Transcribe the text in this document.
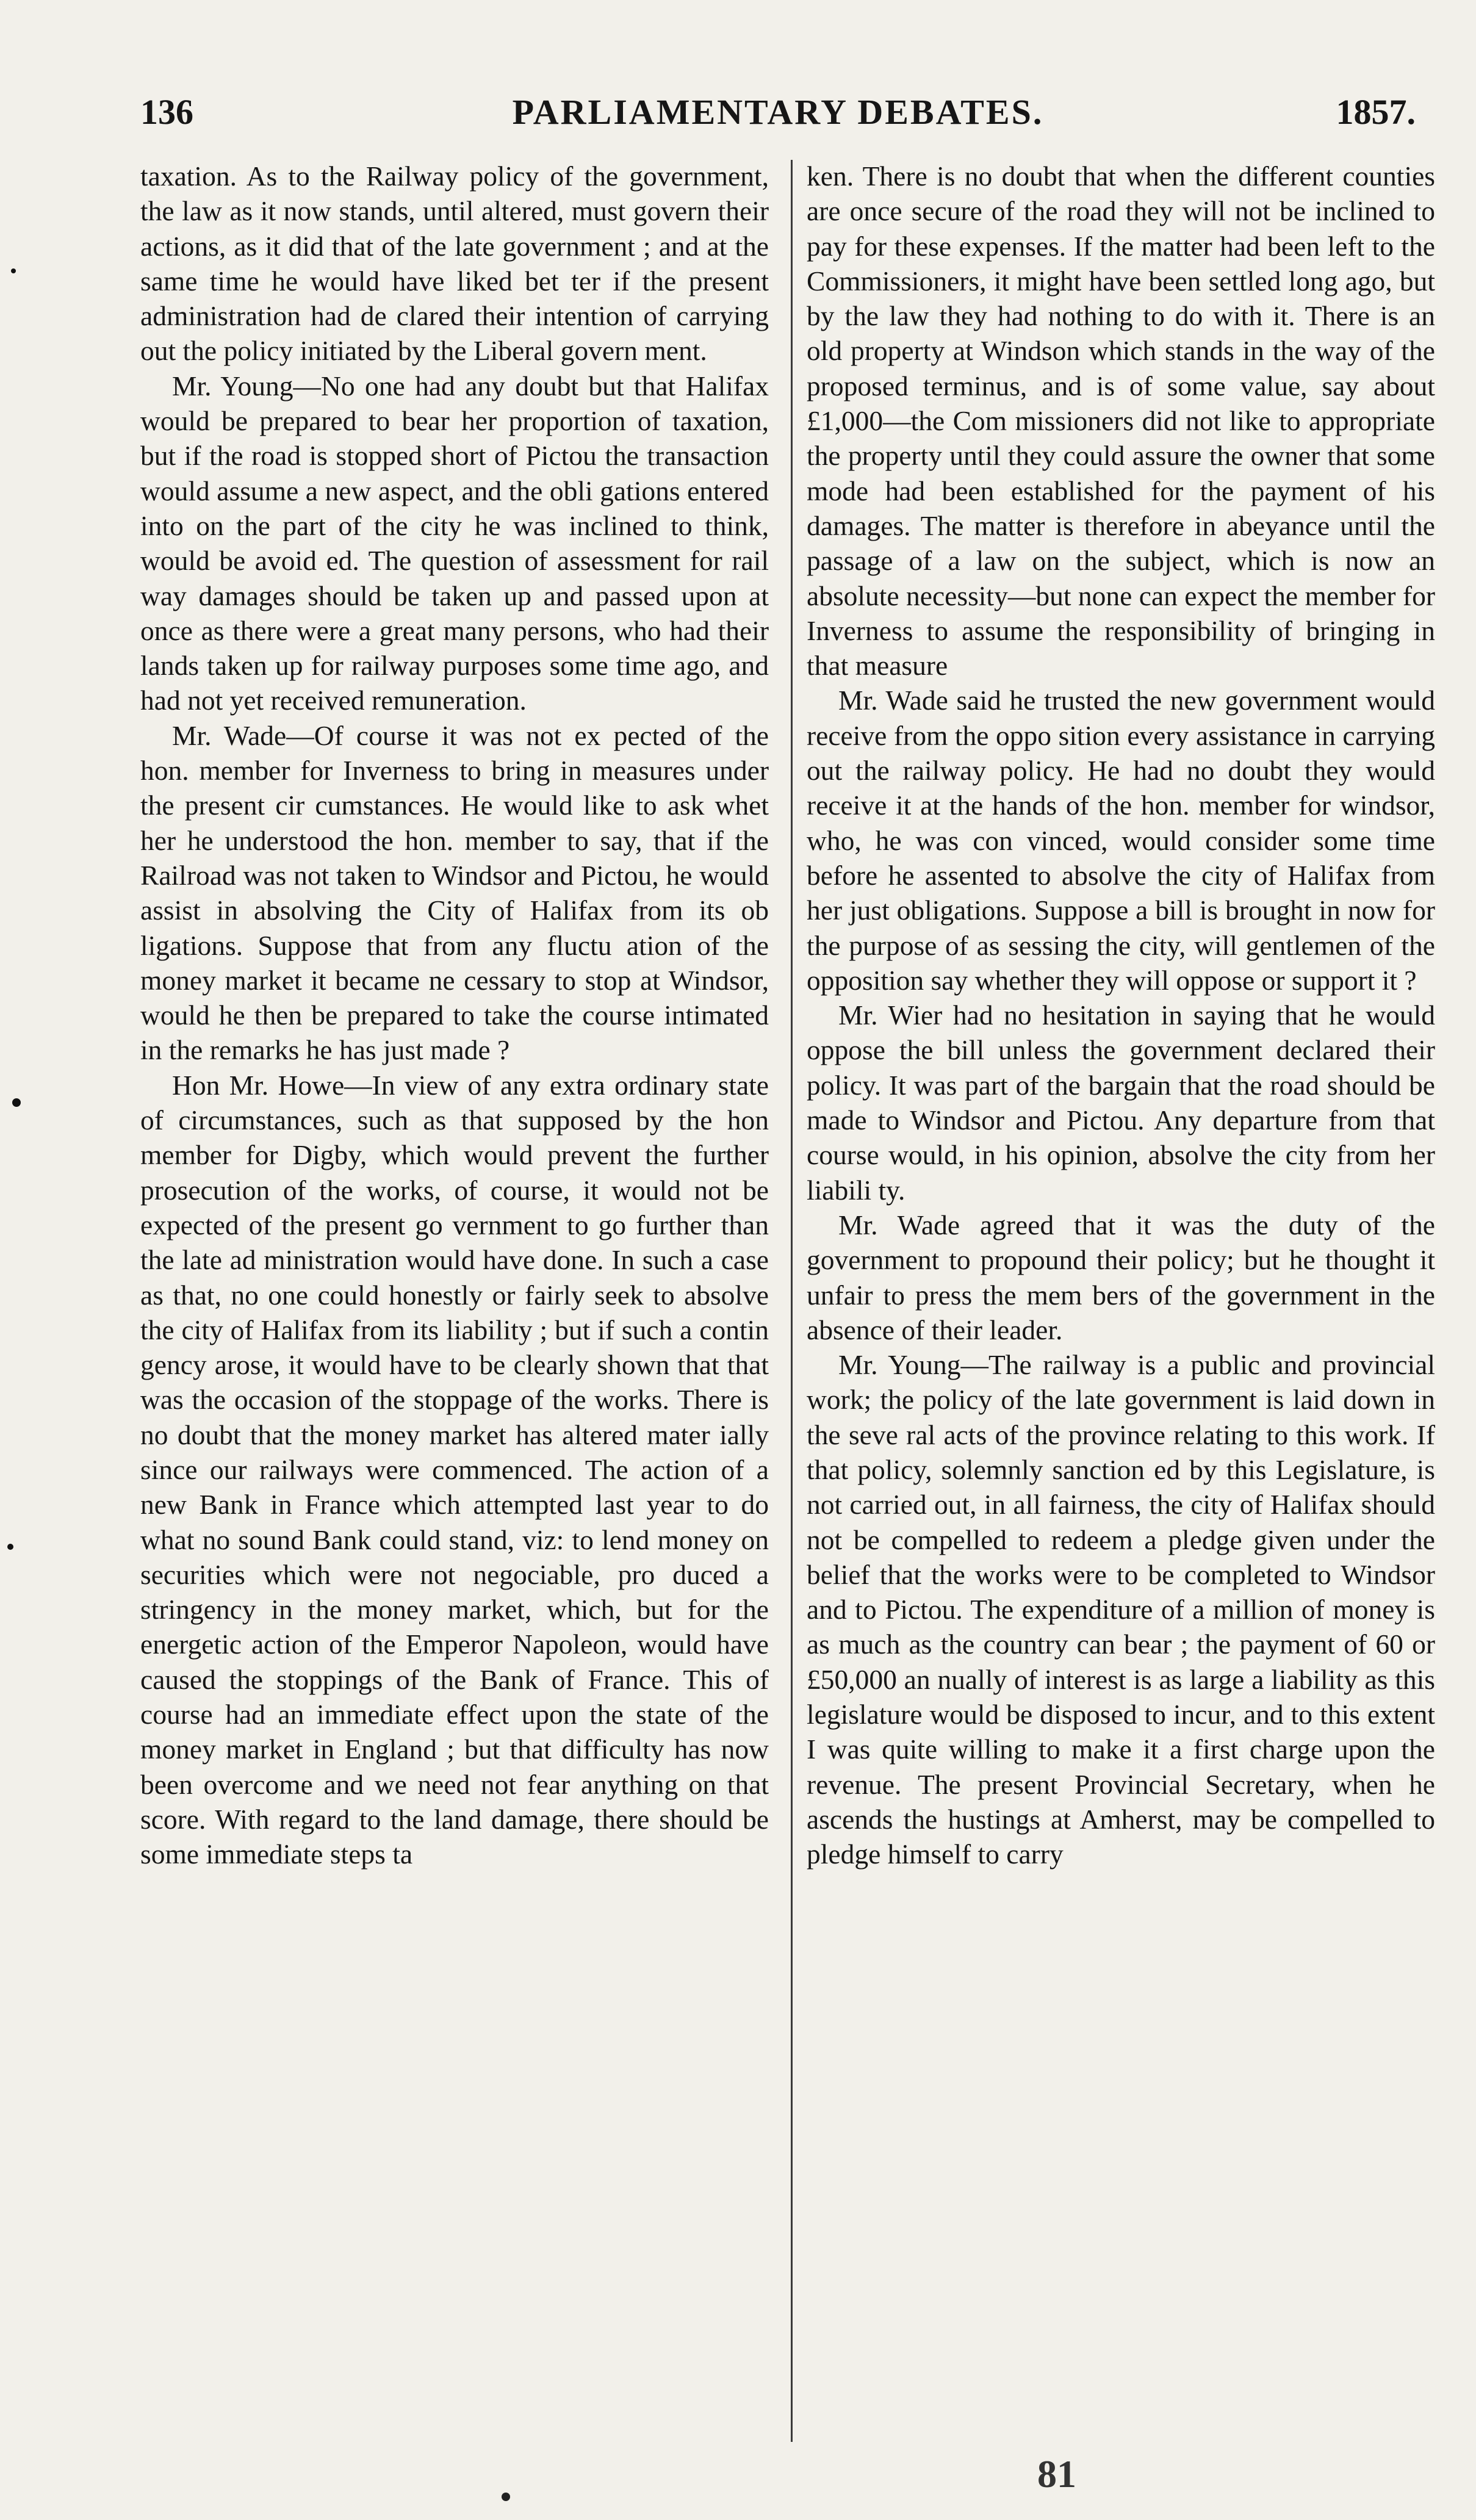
136	PARLIAMENTARY DEBATES.	1857.

taxation. As to the Railway policy of the government, the law as it now stands, until altered, must govern their actions, as it did that of the late government ; and at the same time he would have liked bet ter if the present administration had de clared their intention of carrying out the policy initiated by the Liberal govern ment.

Mr. Young—No one had any doubt but that Halifax would be prepared to bear her proportion of taxation, but if the road is stopped short of Pictou the transaction would assume a new aspect, and the obli gations entered into on the part of the city he was inclined to think, would be avoid ed. The question of assessment for rail way damages should be taken up and passed upon at once as there were a great many persons, who had their lands taken up for railway purposes some time ago, and had not yet received remuneration.

Mr. Wade—Of course it was not ex pected of the hon. member for Inverness to bring in measures under the present cir cumstances. He would like to ask whet her he understood the hon. member to say, that if the Railroad was not taken to Windsor and Pictou, he would assist in absolving the City of Halifax from its ob ligations. Suppose that from any fluctu ation of the money market it became ne cessary to stop at Windsor, would he then be prepared to take the course intimated in the remarks he has just made ?

Hon Mr. Howe—In view of any extra ordinary state of circumstances, such as that supposed by the hon member for Digby, which would prevent the further prosecution of the works, of course, it would not be expected of the present go vernment to go further than the late ad ministration would have done. In such a case as that, no one could honestly or fairly seek to absolve the city of Halifax from its liability ; but if such a contin gency arose, it would have to be clearly shown that that was the occasion of the stoppage of the works. There is no doubt that the money market has altered mater ially since our railways were commenced. The action of a new Bank in France which attempted last year to do what no sound Bank could stand, viz: to lend money on securities which were not negociable, pro duced a stringency in the money market, which, but for the energetic action of the Emperor Napoleon, would have caused the stoppings of the Bank of France. This of course had an immediate effect upon the state of the money market in England ; but that difficulty has now been overcome and we need not fear anything on that score. With regard to the land damage, there should be some immediate steps ta

ken. There is no doubt that when the different counties are once secure of the road they will not be inclined to pay for these expenses. If the matter had been left to the Commissioners, it might have been settled long ago, but by the law they had nothing to do with it. There is an old property at Windson which stands in the way of the proposed terminus, and is of some value, say about £1,000—the Com missioners did not like to appropriate the property until they could assure the owner that some mode had been established for the payment of his damages. The matter is therefore in abeyance until the passage of a law on the subject, which is now an absolute necessity—but none can expect the member for Inverness to assume the responsibility of bringing in that measure

Mr. Wade said he trusted the new government would receive from the oppo sition every assistance in carrying out the railway policy. He had no doubt they would receive it at the hands of the hon. member for windsor, who, he was con vinced, would consider some time before he assented to absolve the city of Halifax from her just obligations. Suppose a bill is brought in now for the purpose of as sessing the city, will gentlemen of the opposition say whether they will oppose or support it ?

Mr. Wier had no hesitation in saying that he would oppose the bill unless the government declared their policy. It was part of the bargain that the road should be made to Windsor and Pictou. Any departure from that course would, in his opinion, absolve the city from her liabili ty.

Mr. Wade agreed that it was the duty of the government to propound their policy; but he thought it unfair to press the mem bers of the government in the absence of their leader.

Mr. Young—The railway is a public and provincial work; the policy of the late government is laid down in the seve ral acts of the province relating to this work. If that policy, solemnly sanction ed by this Legislature, is not carried out, in all fairness, the city of Halifax should not be compelled to redeem a pledge given under the belief that the works were to be completed to Windsor and to Pictou. The expenditure of a million of money is as much as the country can bear ; the payment of 60 or £50,000 an nually of interest is as large a liability as this legislature would be disposed to incur, and to this extent I was quite willing to make it a first charge upon the revenue. The present Provincial Secretary, when he ascends the hustings at Amherst, may be compelled to pledge himself to carry

81
